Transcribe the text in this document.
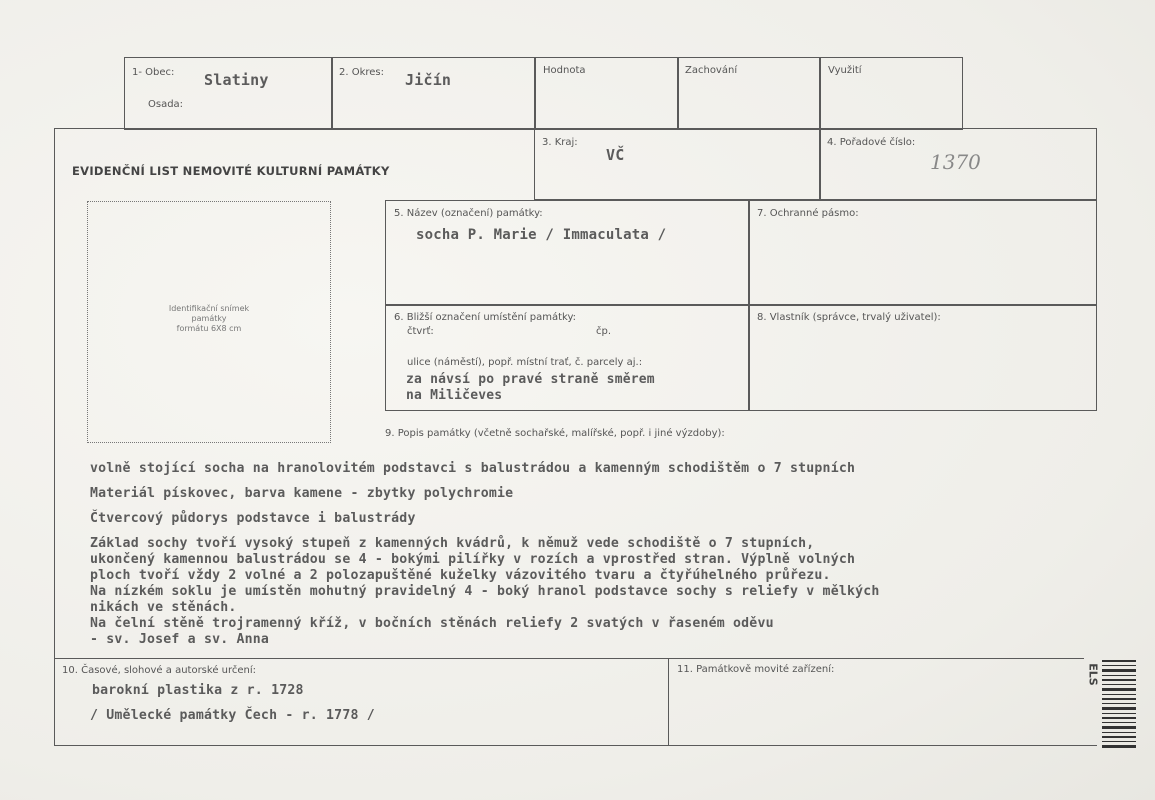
1- Obec: Slatiny
Osada:
2. Okres: Jičín
Hodnota	Zachování	Využití
EVIDENČNÍ LIST NEMOVITÉ KULTURNÍ PAMÁTKY
3. Kraj:
VČ
4. Pořadové číslo:
1370
Identifikační snímek
památky
formátu 6X8 cm
5. Název (označení) památky:
socha P. Marie / Immaculata /
7. Ochranné pásmo:
6. Bližší označení umístění památky:
čtvrť:	čp.
ulice (náměstí), popř. místní trať, č. parcely aj.:
za návsí po pravé straně směrem
na Miličeves
8. Vlastník (správce, trvalý uživatel):
9. Popis památky (včetně sochařské, malířské, popř. i jiné výzdoby):
volně stojící socha na hranolovitém podstavci s balustrádou a kamenným schodištěm o 7 stupních
Materiál pískovec, barva kamene - zbytky polychromie
Čtvercový půdorys podstavce i balustrády
Základ sochy tvoří vysoký stupeň z kamenných kvádrů, k němuž vede schodiště o 7 stupních,
ukončený kamennou balustrádou se 4 - bokými pilířky v rozích a vprostřed stran. Výplně volných
ploch tvoří vždy 2 volné a 2 polozapuštěné kuželky vázovitého tvaru a čtyřúhelného průřezu.
Na nízkém soklu je umístěn mohutný pravidelný 4 - boký hranol podstavce sochy s reliefy v mělkých
nikách ve stěnách.
Na čelní stěně trojramenný kříž, v bočních stěnách reliefy 2 svatých v řaseném oděvu
- sv. Josef a sv. Anna
10. Časové, slohové a autorské určení:
barokní plastika z r. 1728
/ Umělecké památky Čech - r. 1778 /
11. Památkově movité zařízení:	ELS
